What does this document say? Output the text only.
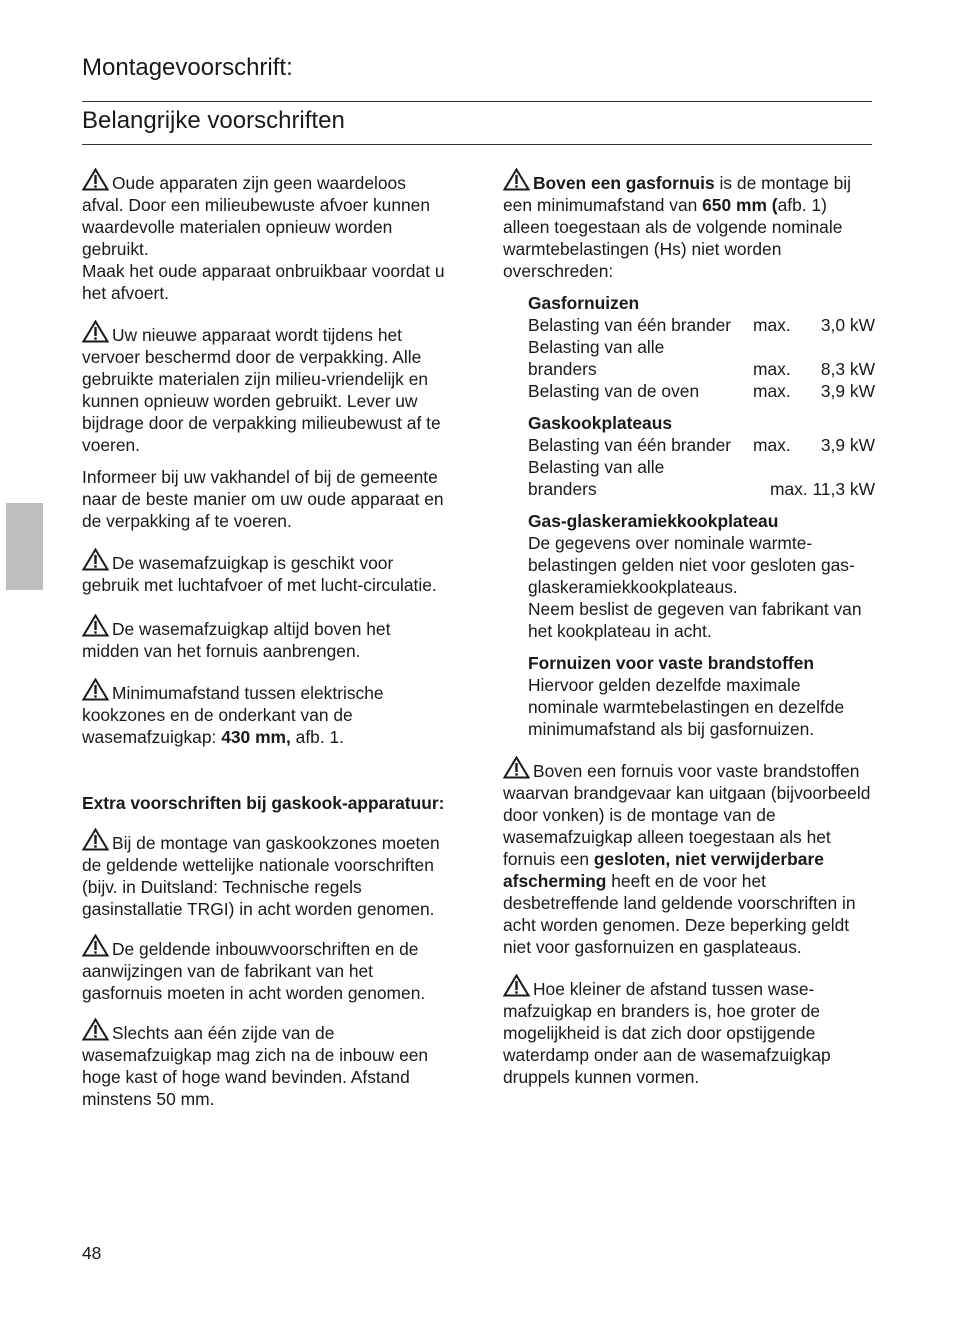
Montagevoorschrift:
Belangrijke voorschriften

Oude apparaten zijn geen waardeloos afval. Door een milieubewuste afvoer kunnen waardevolle materialen opnieuw worden gebruikt.

Maak het oude apparaat onbruikbaar voordat u het afvoert.

Uw nieuwe apparaat wordt tijdens het vervoer beschermd door de verpakking. Alle gebruikte materialen zijn milieu-vriendelijk en kunnen opnieuw worden gebruikt. Lever uw bijdrage door de verpakking milieubewust af te voeren.

Informeer bij uw vakhandel of bij de gemeente naar de beste manier om uw oude apparaat en de verpakking af te voeren.

De wasemafzuigkap is geschikt voor gebruik met luchtafvoer of met lucht-circulatie.

De wasemafzuigkap altijd boven het midden van het fornuis aanbrengen.

Minimumafstand tussen elektrische kookzones en de onderkant van de wasemafzuigkap: 430 mm, afb. 1.

Extra voorschriften bij gaskook-apparatuur:

Bij de montage van gaskookzones moeten de geldende wettelijke nationale voorschriften (bijv. in Duitsland: Technische regels gasinstallatie TRGI) in acht worden genomen.

De geldende inbouwvoorschriften en de aanwijzingen van de fabrikant van het gasfornuis moeten in acht worden genomen.

Slechts aan één zijde van de wasemafzuigkap mag zich na de inbouw een hoge kast of hoge wand bevinden. Afstand minstens 50 mm.

Boven een gasfornuis is de montage bij een minimumafstand van 650 mm (afb. 1) alleen toegestaan als de volgende nominale warmtebelastingen (Hs) niet worden overschreden:

Gasfornuizen

Belasting van één brander	max.	3,0 kW
Belasting van alle
branders	max.	8,3 kW
Belasting van de oven	max.	3,9 kW

Gaskookplateaus

Belasting van één brander	max.	3,9 kW
Belasting van alle
branders	max. 11,3 kW

Gas-glaskeramiekkookplateau

De gegevens over nominale warmte-belastingen gelden niet voor gesloten gas-glaskeramiekkookplateaus.

Neem beslist de gegeven van fabrikant van het kookplateau in acht.

Fornuizen voor vaste brandstoffen

Hiervoor gelden dezelfde maximale nominale warmtebelastingen en dezelfde minimumafstand als bij gasfornuizen.

Boven een fornuis voor vaste brandstoffen waarvan brandgevaar kan uitgaan (bijvoorbeeld door vonken) is de montage van de wasemafzuigkap alleen toegestaan als het fornuis een gesloten, niet verwijderbare afscherming heeft en de voor het desbetreffende land geldende voorschriften in acht worden genomen. Deze beperking geldt niet voor gasfornuizen en gasplateaus.

Hoe kleiner de afstand tussen wase-mafzuigkap en branders is, hoe groter de mogelijkheid is dat zich door opstijgende waterdamp onder aan de wasemafzuigkap druppels kunnen vormen.

48
